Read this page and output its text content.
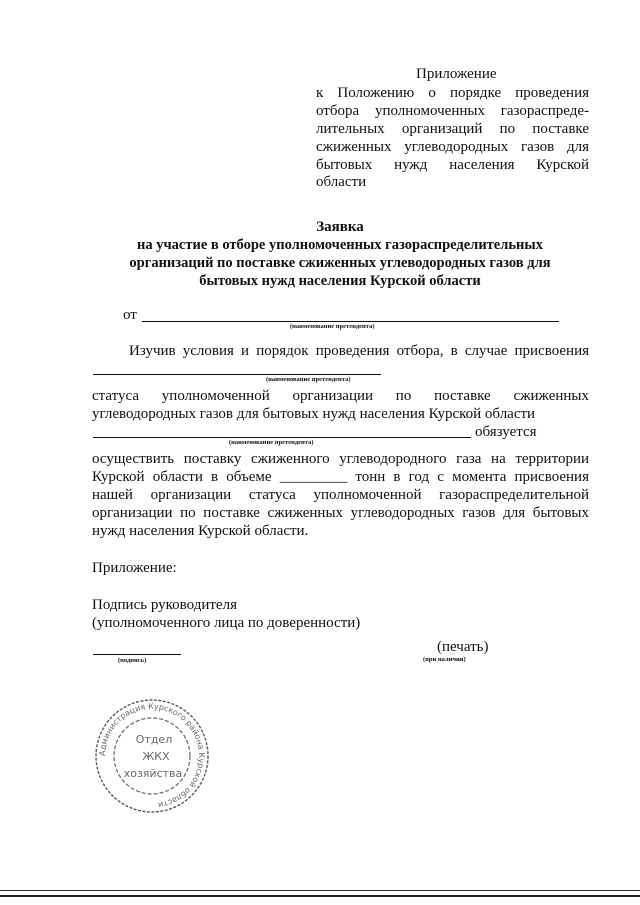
Приложение
к Положению о порядке проведения
отбора уполномоченных газораспреде-
лительных организаций по поставке
сжиженных углеводородных газов для
бытовых нужд населения Курской
области
Заявка
на участие в отборе уполномоченных газораспределительных
организаций по поставке сжиженных углеводородных газов для
бытовых нужд населения Курской области
от
(наименование претендента)
Изучив условия и порядок проведения отбора, в случае присвоения
(наименование претендента)
статуса уполномоченной организации по поставке сжиженных
углеводородных газов для бытовых нужд населения Курской области
обязуется
(наименование претендента)
осуществить поставку сжиженного углеводородного газа на территории
Курской области в объеме _________ тонн в год с момента присвоения
нашей организации статуса уполномоченной газораспределительной
организации по поставке сжиженных углеводородных газов для бытовых
нужд населения Курской области.
Приложение:
Подпись руководителя
(уполномоченного лица по доверенности)
(печать)
(подпись)	(при наличии)
Администрация Курского района Курской области
Отдел
ЖКХ
хозяйства
